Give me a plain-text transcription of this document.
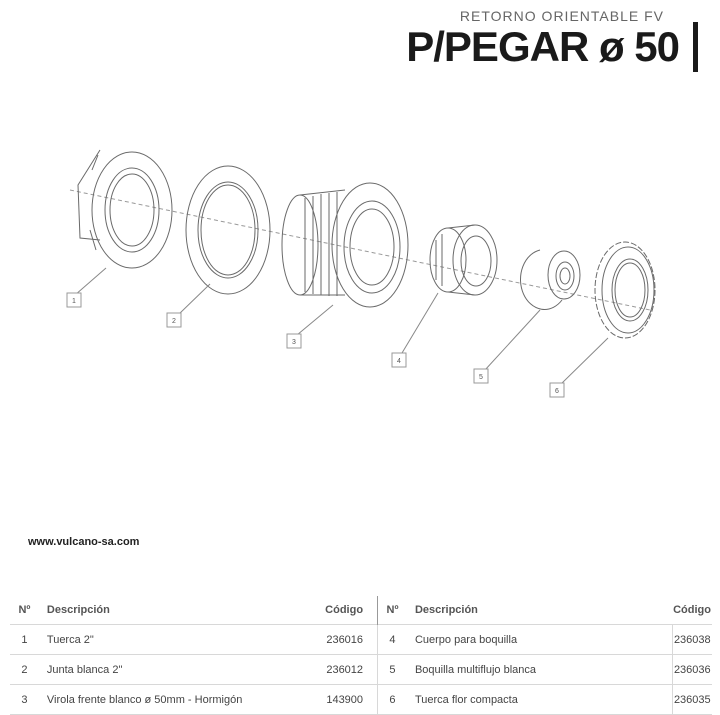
RETORNO ORIENTABLE FV
P/PEGAR ø 50
1
2
3
4
5
6
www.vulcano-sa.com
Nº	Descripción	Código	Nº	Descripción	Código
1	Tuerca 2"	236016	4	Cuerpo para boquilla	236038
2	Junta blanca 2"	236012	5	Boquilla multiflujo blanca	236036
3	Virola frente blanco ø 50mm - Hormigón	143900	6	Tuerca flor compacta	236035
